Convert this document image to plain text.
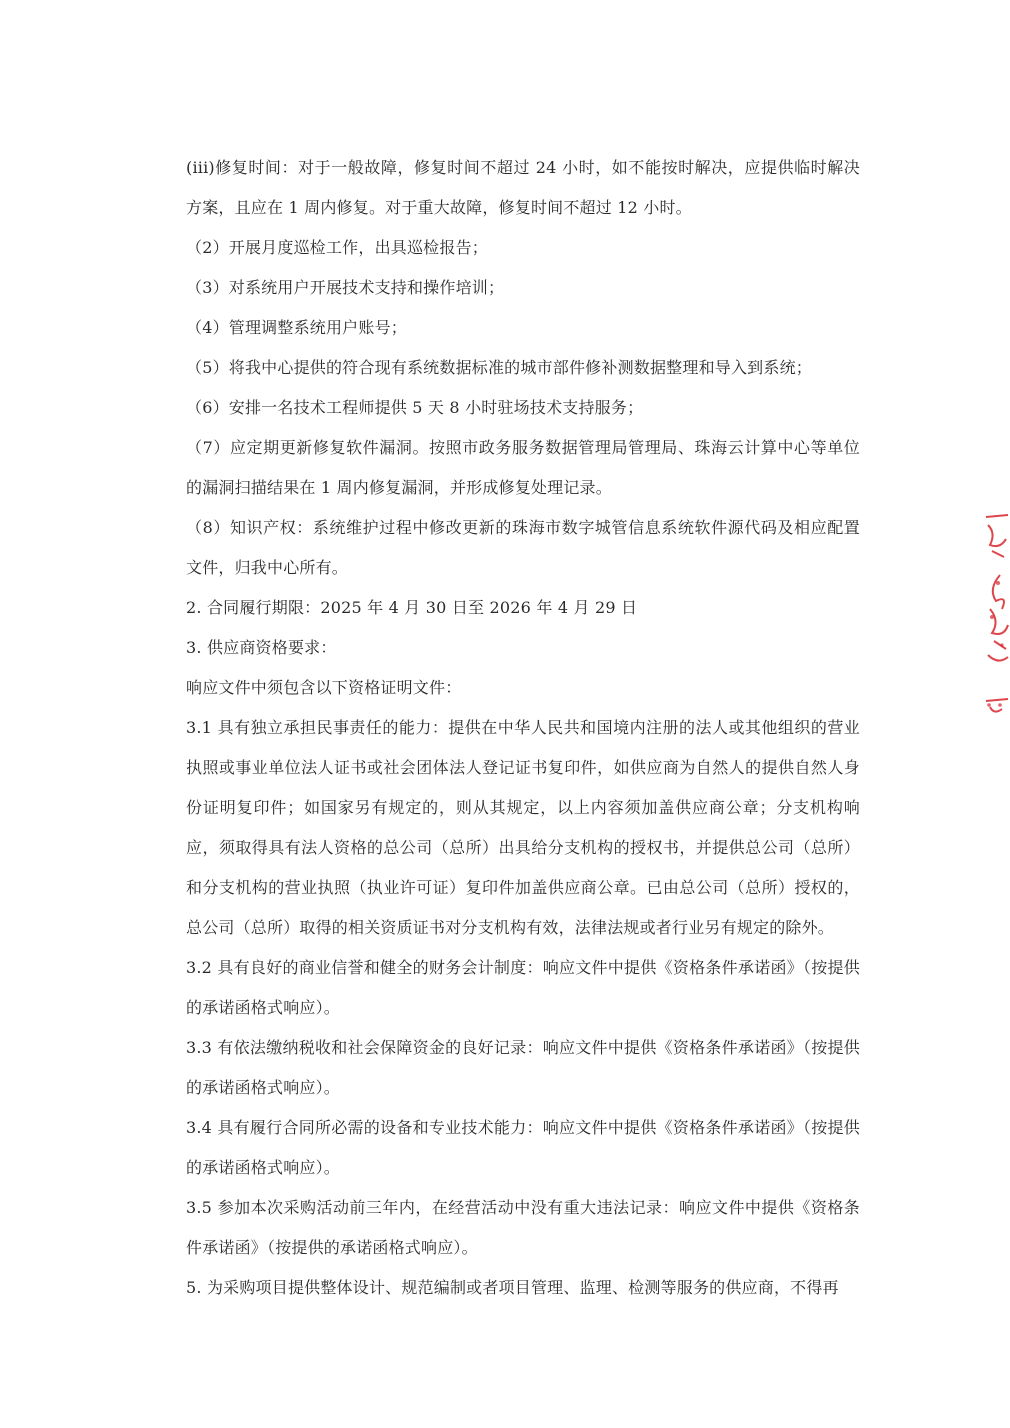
(iii)修复时间：对于一般故障，修复时间不超过 24 小时，如不能按时解决，应提供临时解决方案，且应在 1 周内修复。对于重大故障，修复时间不超过 12 小时。

（2）开展月度巡检工作，出具巡检报告；

（3）对系统用户开展技术支持和操作培训；

（4）管理调整系统用户账号；

（5）将我中心提供的符合现有系统数据标准的城市部件修补测数据整理和导入到系统；

（6）安排一名技术工程师提供 5 天 8 小时驻场技术支持服务；

（7）应定期更新修复软件漏洞。按照市政务服务数据管理局管理局、珠海云计算中心等单位的漏洞扫描结果在 1 周内修复漏洞，并形成修复处理记录。

（8）知识产权：系统维护过程中修改更新的珠海市数字城管信息系统软件源代码及相应配置文件，归我中心所有。

2. 合同履行期限：2025 年 4 月 30 日至 2026 年 4 月 29 日

3. 供应商资格要求：

响应文件中须包含以下资格证明文件：

3.1 具有独立承担民事责任的能力：提供在中华人民共和国境内注册的法人或其他组织的营业执照或事业单位法人证书或社会团体法人登记证书复印件，如供应商为自然人的提供自然人身份证明复印件；如国家另有规定的，则从其规定，以上内容须加盖供应商公章；分支机构响应，须取得具有法人资格的总公司（总所）出具给分支机构的授权书，并提供总公司（总所）和分支机构的营业执照（执业许可证）复印件加盖供应商公章。已由总公司（总所）授权的，总公司（总所）取得的相关资质证书对分支机构有效，法律法规或者行业另有规定的除外。

3.2 具有良好的商业信誉和健全的财务会计制度：响应文件中提供《资格条件承诺函》（按提供的承诺函格式响应）。

3.3 有依法缴纳税收和社会保障资金的良好记录：响应文件中提供《资格条件承诺函》（按提供的承诺函格式响应）。

3.4 具有履行合同所必需的设备和专业技术能力：响应文件中提供《资格条件承诺函》（按提供的承诺函格式响应）。

3.5 参加本次采购活动前三年内，在经营活动中没有重大违法记录：响应文件中提供《资格条件承诺函》（按提供的承诺函格式响应）。

5. 为采购项目提供整体设计、规范编制或者项目管理、监理、检测等服务的供应商，不得再
